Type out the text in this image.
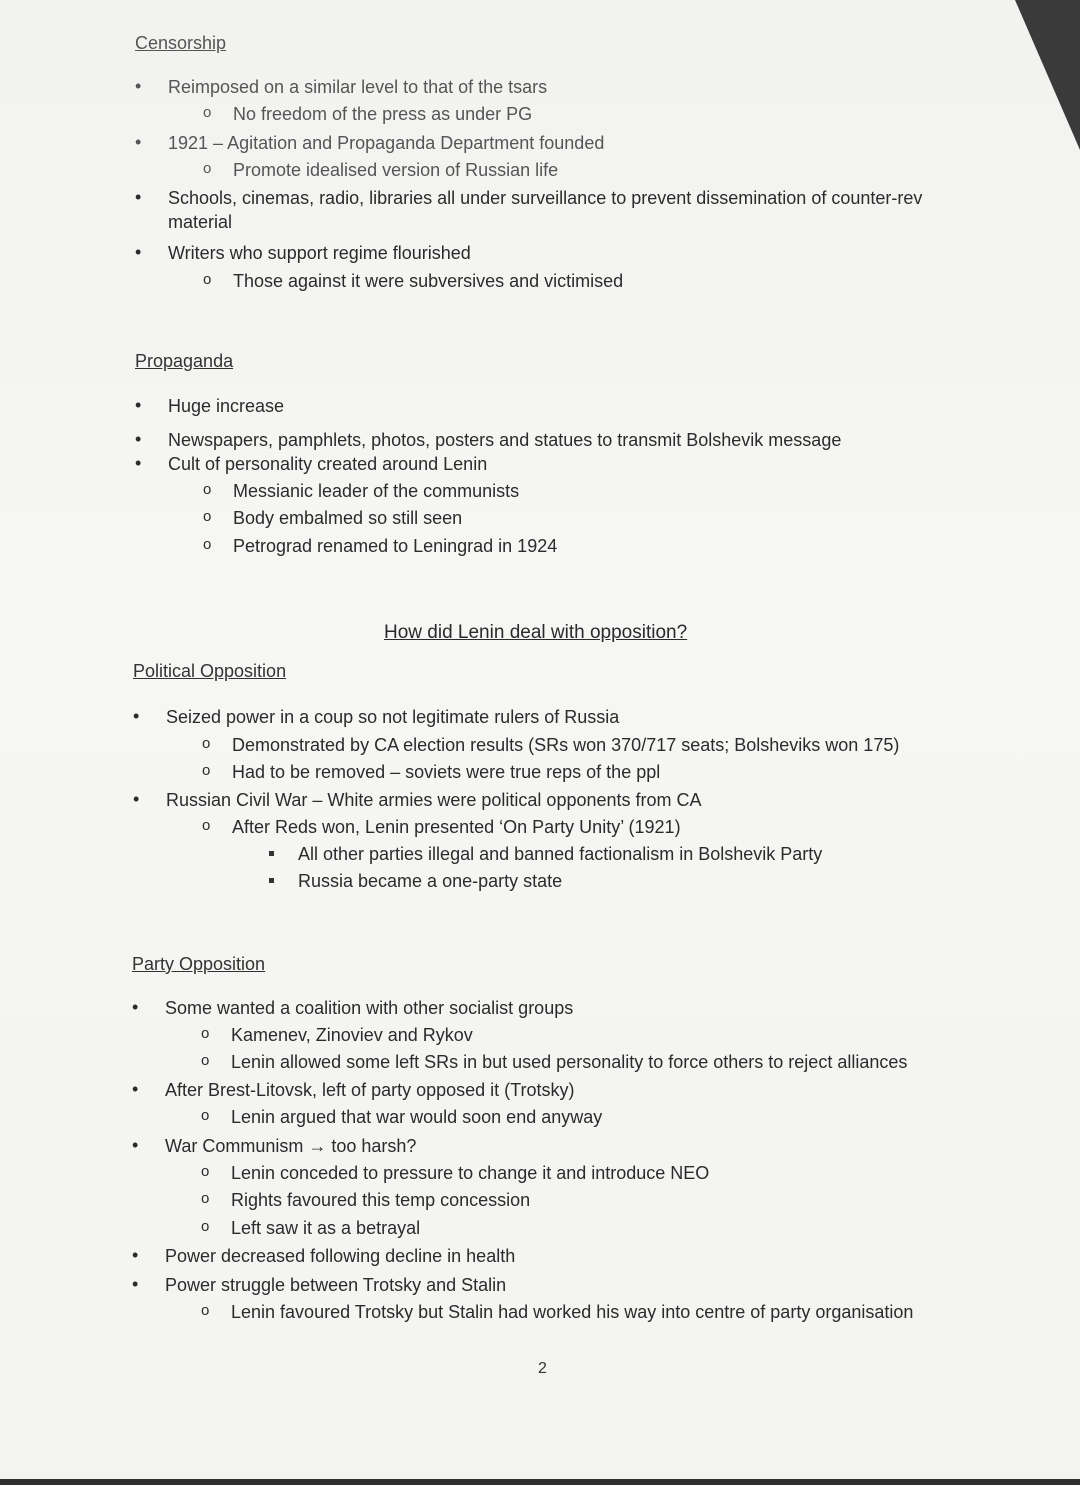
Censorship
• Reimposed on a similar level to that of the tsars
o No freedom of the press as under PG
• 1921 – Agitation and Propaganda Department founded
o Promote idealised version of Russian life
• Schools, cinemas, radio, libraries all under surveillance to prevent dissemination of counter-rev
material
• Writers who support regime flourished
o Those against it were subversives and victimised
Propaganda
• Huge increase
• Newspapers, pamphlets, photos, posters and statues to transmit Bolshevik message
• Cult of personality created around Lenin
o Messianic leader of the communists
o Body embalmed so still seen
o Petrograd renamed to Leningrad in 1924
How did Lenin deal with opposition?
Political Opposition
• Seized power in a coup so not legitimate rulers of Russia
o Demonstrated by CA election results (SRs won 370/717 seats; Bolsheviks won 175)
o Had to be removed – soviets were true reps of the ppl
• Russian Civil War – White armies were political opponents from CA
o After Reds won, Lenin presented ‘On Party Unity’ (1921)
All other parties illegal and banned factionalism in Bolshevik Party
Russia became a one-party state
Party Opposition
• Some wanted a coalition with other socialist groups
o Kamenev, Zinoviev and Rykov
o Lenin allowed some left SRs in but used personality to force others to reject alliances
• After Brest-Litovsk, left of party opposed it (Trotsky)
o Lenin argued that war would soon end anyway
• War Communism → too harsh?
o Lenin conceded to pressure to change it and introduce NEO
o Rights favoured this temp concession
o Left saw it as a betrayal
• Power decreased following decline in health
• Power struggle between Trotsky and Stalin
o Lenin favoured Trotsky but Stalin had worked his way into centre of party organisation
2
